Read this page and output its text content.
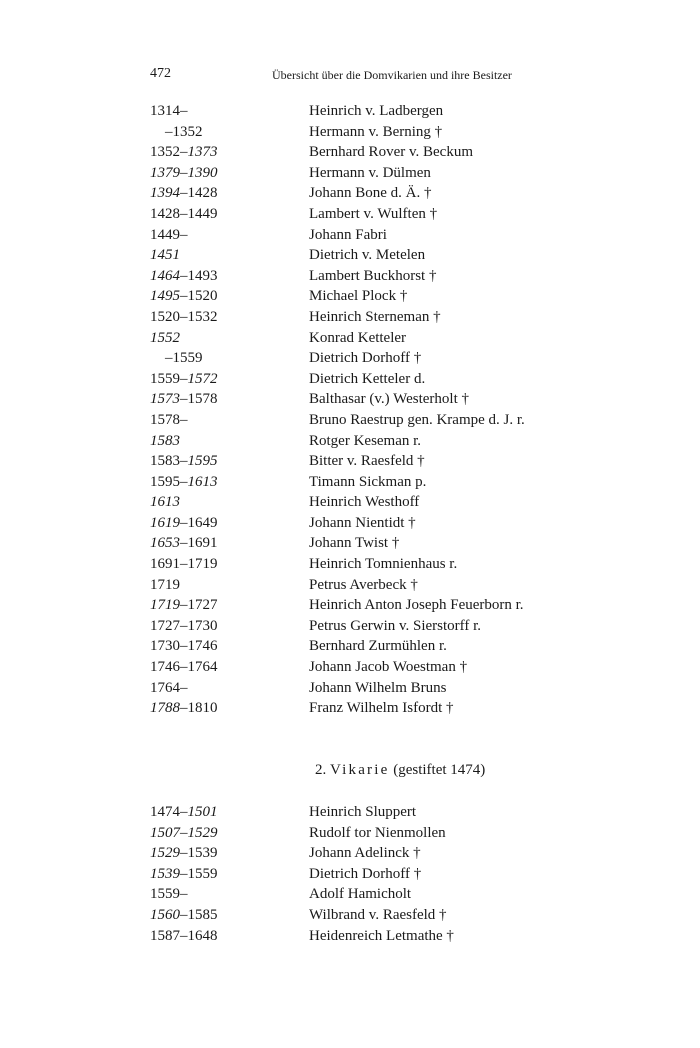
472	Übersicht über die Domvikarien und ihre Besitzer
1314–	Heinrich v. Ladbergen
–1352	Hermann v. Berning †
1352–1373	Bernhard Rover v. Beckum
1379–1390	Hermann v. Dülmen
1394–1428	Johann Bone d. Ä. †
1428–1449	Lambert v. Wulften †
1449–	Johann Fabri
1451	Dietrich v. Metelen
1464–1493	Lambert Buckhorst †
1495–1520	Michael Plock †
1520–1532	Heinrich Sterneman †
1552	Konrad Ketteler
–1559	Dietrich Dorhoff †
1559–1572	Dietrich Ketteler d.
1573–1578	Balthasar (v.) Westerholt †
1578–	Bruno Raestrup gen. Krampe d. J. r.
1583	Rotger Keseman r.
1583–1595	Bitter v. Raesfeld †
1595–1613	Timann Sickman p.
1613	Heinrich Westhoff
1619–1649	Johann Nientidt †
1653–1691	Johann Twist †
1691–1719	Heinrich Tomnienhaus r.
1719	Petrus Averbeck †
1719–1727	Heinrich Anton Joseph Feuerborn r.
1727–1730	Petrus Gerwin v. Sierstorff r.
1730–1746	Bernhard Zurmühlen r.
1746–1764	Johann Jacob Woestman †
1764–	Johann Wilhelm Bruns
1788–1810	Franz Wilhelm Isfordt †
2. Vikarie (gestiftet 1474)
1474–1501	Heinrich Sluppert
1507–1529	Rudolf tor Nienmollen
1529–1539	Johann Adelinck †
1539–1559	Dietrich Dorhoff †
1559–	Adolf Hamicholt
1560–1585	Wilbrand v. Raesfeld †
1587–1648	Heidenreich Letmathe †
